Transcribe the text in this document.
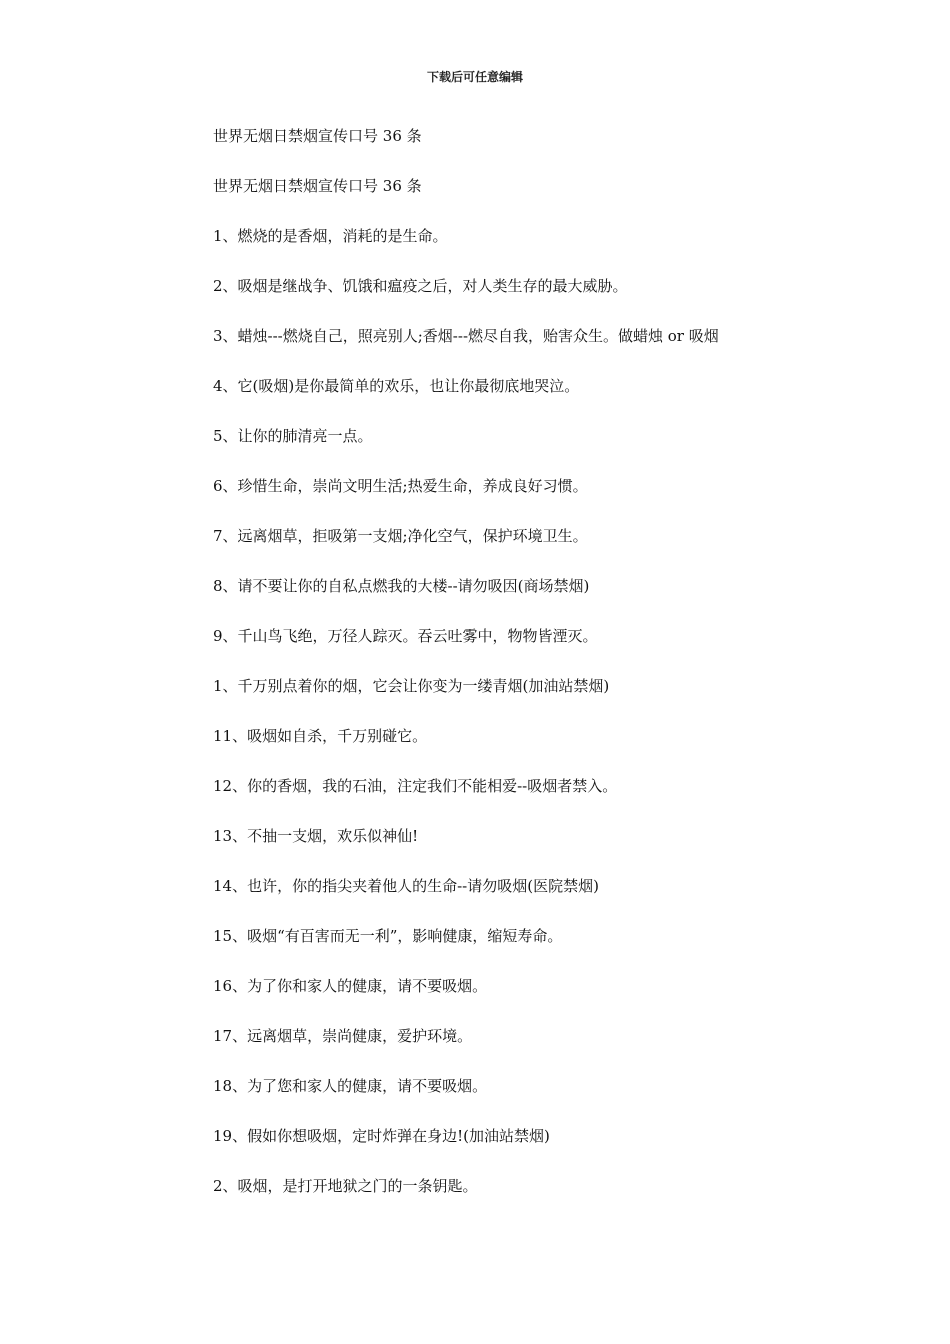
下载后可任意编辑

世界无烟日禁烟宣传口号 36 条

世界无烟日禁烟宣传口号 36 条

1、燃烧的是香烟，消耗的是生命。

2、吸烟是继战争、饥饿和瘟疫之后，对人类生存的最大威胁。

3、蜡烛---燃烧自己，照亮别人;香烟---燃尽自我，贻害众生。做蜡烛 or 吸烟

4、它(吸烟)是你最简单的欢乐，也让你最彻底地哭泣。

5、让你的肺清亮一点。

6、珍惜生命，崇尚文明生活;热爱生命，养成良好习惯。

7、远离烟草，拒吸第一支烟;净化空气，保护环境卫生。

8、请不要让你的自私点燃我的大楼--请勿吸因(商场禁烟)

9、千山鸟飞绝，万径人踪灭。吞云吐雾中，物物皆湮灭。

1、千万别点着你的烟，它会让你变为一缕青烟(加油站禁烟)

11、吸烟如自杀，千万别碰它。

12、你的香烟，我的石油，注定我们不能相爱--吸烟者禁入。

13、不抽一支烟，欢乐似神仙!

14、也许，你的指尖夹着他人的生命--请勿吸烟(医院禁烟)

15、吸烟“有百害而无一利”，影响健康，缩短寿命。

16、为了你和家人的健康，请不要吸烟。

17、远离烟草，崇尚健康，爱护环境。

18、为了您和家人的健康，请不要吸烟。

19、假如你想吸烟，定时炸弹在身边!(加油站禁烟)

2、吸烟，是打开地狱之门的一条钥匙。
